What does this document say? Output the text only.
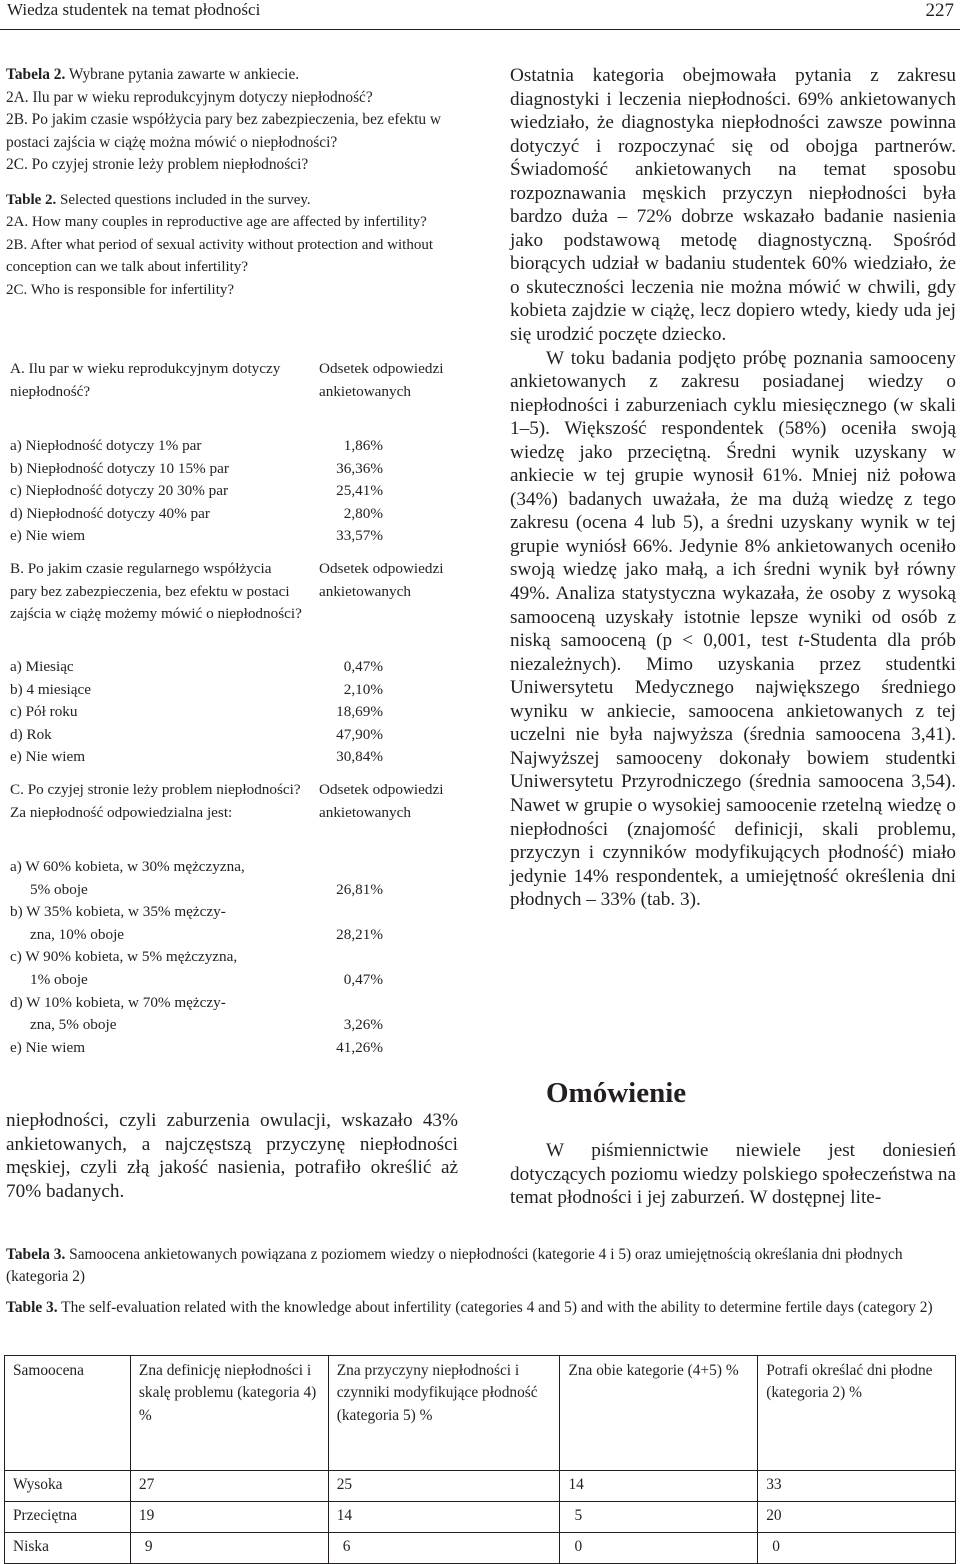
Wiedza studentek na temat płodności	227

Tabela 2. Wybrane pytania zawarte w ankiecie.

2A. Ilu par w wieku reprodukcyjnym dotyczy niepłodność?
2B. Po jakim czasie współżycia pary bez zabezpieczenia, bez efektu w postaci zajścia w ciążę można mówić o niepłodności?
2C. Po czyjej stronie leży problem niepłodności?

Table 2. Selected questions included in the survey.

2A. How many couples in reproductive age are affected by infertility?
2B. After what period of sexual activity without protection and without conception can we talk about infertility?
2C. Who is responsible for infertility?
A. Ilu par w wieku reprodukcyjnym dotyczy niepłodność?
Odsetek odpowiedzi ankietowanych
a) Niepłodność dotyczy 1% par	1,86%
b) Niepłodność dotyczy 10 15% par	36,36%
c) Niepłodność dotyczy 20 30% par	25,41%
d) Niepłodność dotyczy 40% par	2,80%
e) Nie wiem	33,57%
B. Po jakim czasie regularnego współżycia pary bez zabezpieczenia, bez efektu w postaci zajścia w ciążę możemy mówić o niepłodności?
Odsetek odpowiedzi ankietowanych
a) Miesiąc	0,47%
b) 4 miesiące	2,10%
c) Pół roku	18,69%
d) Rok	47,90%
e) Nie wiem	30,84%
C. Po czyjej stronie leży problem niepłodności? Za niepłodność odpowiedzialna jest:
Odsetek odpowiedzi ankietowanych
a) W 60% kobieta, w 30% mężczyzna,
5% oboje	26,81%
b) W 35% kobieta, w 35% mężczy-
zna, 10% oboje	28,21%
c) W 90% kobieta, w 5% mężczyzna,
1% oboje	0,47%
d) W 10% kobieta, w 70% mężczy-
zna, 5% oboje	3,26%
e) Nie wiem	41,26%
niepłodności, czyli zaburzenia owulacji, wskazało 43% ankietowanych, a najczęstszą przyczynę niepłodności męskiej, czyli złą jakość nasienia, potrafiło określić aż 70% badanych.

Ostatnia kategoria obejmowała pytania z zakresu diagnostyki i leczenia niepłodności. 69% ankietowanych wiedziało, że diagnostyka niepłodności zawsze powinna dotyczyć i rozpoczynać się od obojga partnerów. Świadomość ankietowanych na temat sposobu rozpoznawania męskich przyczyn niepłodności była bardzo duża – 72% dobrze wskazało badanie nasienia jako podstawową metodę diagnostyczną. Spośród biorących udział w badaniu studentek 60% wiedziało, że o skuteczności leczenia nie można mówić w chwili, gdy kobieta zajdzie w ciążę, lecz dopiero wtedy, kiedy uda jej się urodzić poczęte dziecko.

W toku badania podjęto próbę poznania samooceny ankietowanych z zakresu posiadanej wiedzy o niepłodności i zaburzeniach cyklu miesięcznego (w skali 1–5). Większość respondentek (58%) oceniła swoją wiedzę jako przeciętną. Średni wynik uzyskany w ankiecie w tej grupie wynosił 61%. Mniej niż połowa (34%) badanych uważała, że ma dużą wiedzę z tego zakresu (ocena 4 lub 5), a średni uzyskany wynik w tej grupie wyniósł 66%. Jedynie 8% ankietowanych oceniło swoją wiedzę jako małą, a ich średni wynik był równy 49%. Analiza statystyczna wykazała, że osoby z wysoką samooceną uzyskały istotnie lepsze wyniki od osób z niską samooceną (p < 0,001, test t-Studenta dla prób niezależnych). Mimo uzyskania przez studentki Uniwersytetu Medycznego największego średniego wyniku w ankiecie, samoocena ankietowanych z tej uczelni nie była najwyższa (średnia samoocena 3,41). Najwyższej samooceny dokonały bowiem studentki Uniwersytetu Przyrodniczego (średnia samoocena 3,54). Nawet w grupie o wysokiej samoocenie rzetelną wiedzę o niepłodności (znajomość definicji, skali problemu, przyczyn i czynników modyfikujących płodność) miało jedynie 14% respondentek, a umiejętność określenia dni płodnych – 33% (tab. 3).

Omówienie
W piśmiennictwie niewiele jest doniesień dotyczących poziomu wiedzy polskiego społeczeństwa na temat płodności i jej zaburzeń. W dostępnej lite-

Tabela 3. Samoocena ankietowanych powiązana z poziomem wiedzy o niepłodności (kategorie 4 i 5) oraz umiejętnością określania dni płodnych (kategoria 2)

Table 3. The self-evaluation related with the knowledge about infertility (categories 4 and 5) and with the ability to determine fertile days (category 2)

Samoocena	Zna definicję niepłodności i skalę problemu (kategoria 4) %	Zna przyczyny niepłodności i czynniki modyfikujące płodność (kategoria 5) %	Zna obie kategorie (4+5) %	Potrafi określać dni płodne (kategoria 2) %
Wysoka	27	25	14	33
Przeciętna	19	14	5	20
Niska	9	6	0	0
